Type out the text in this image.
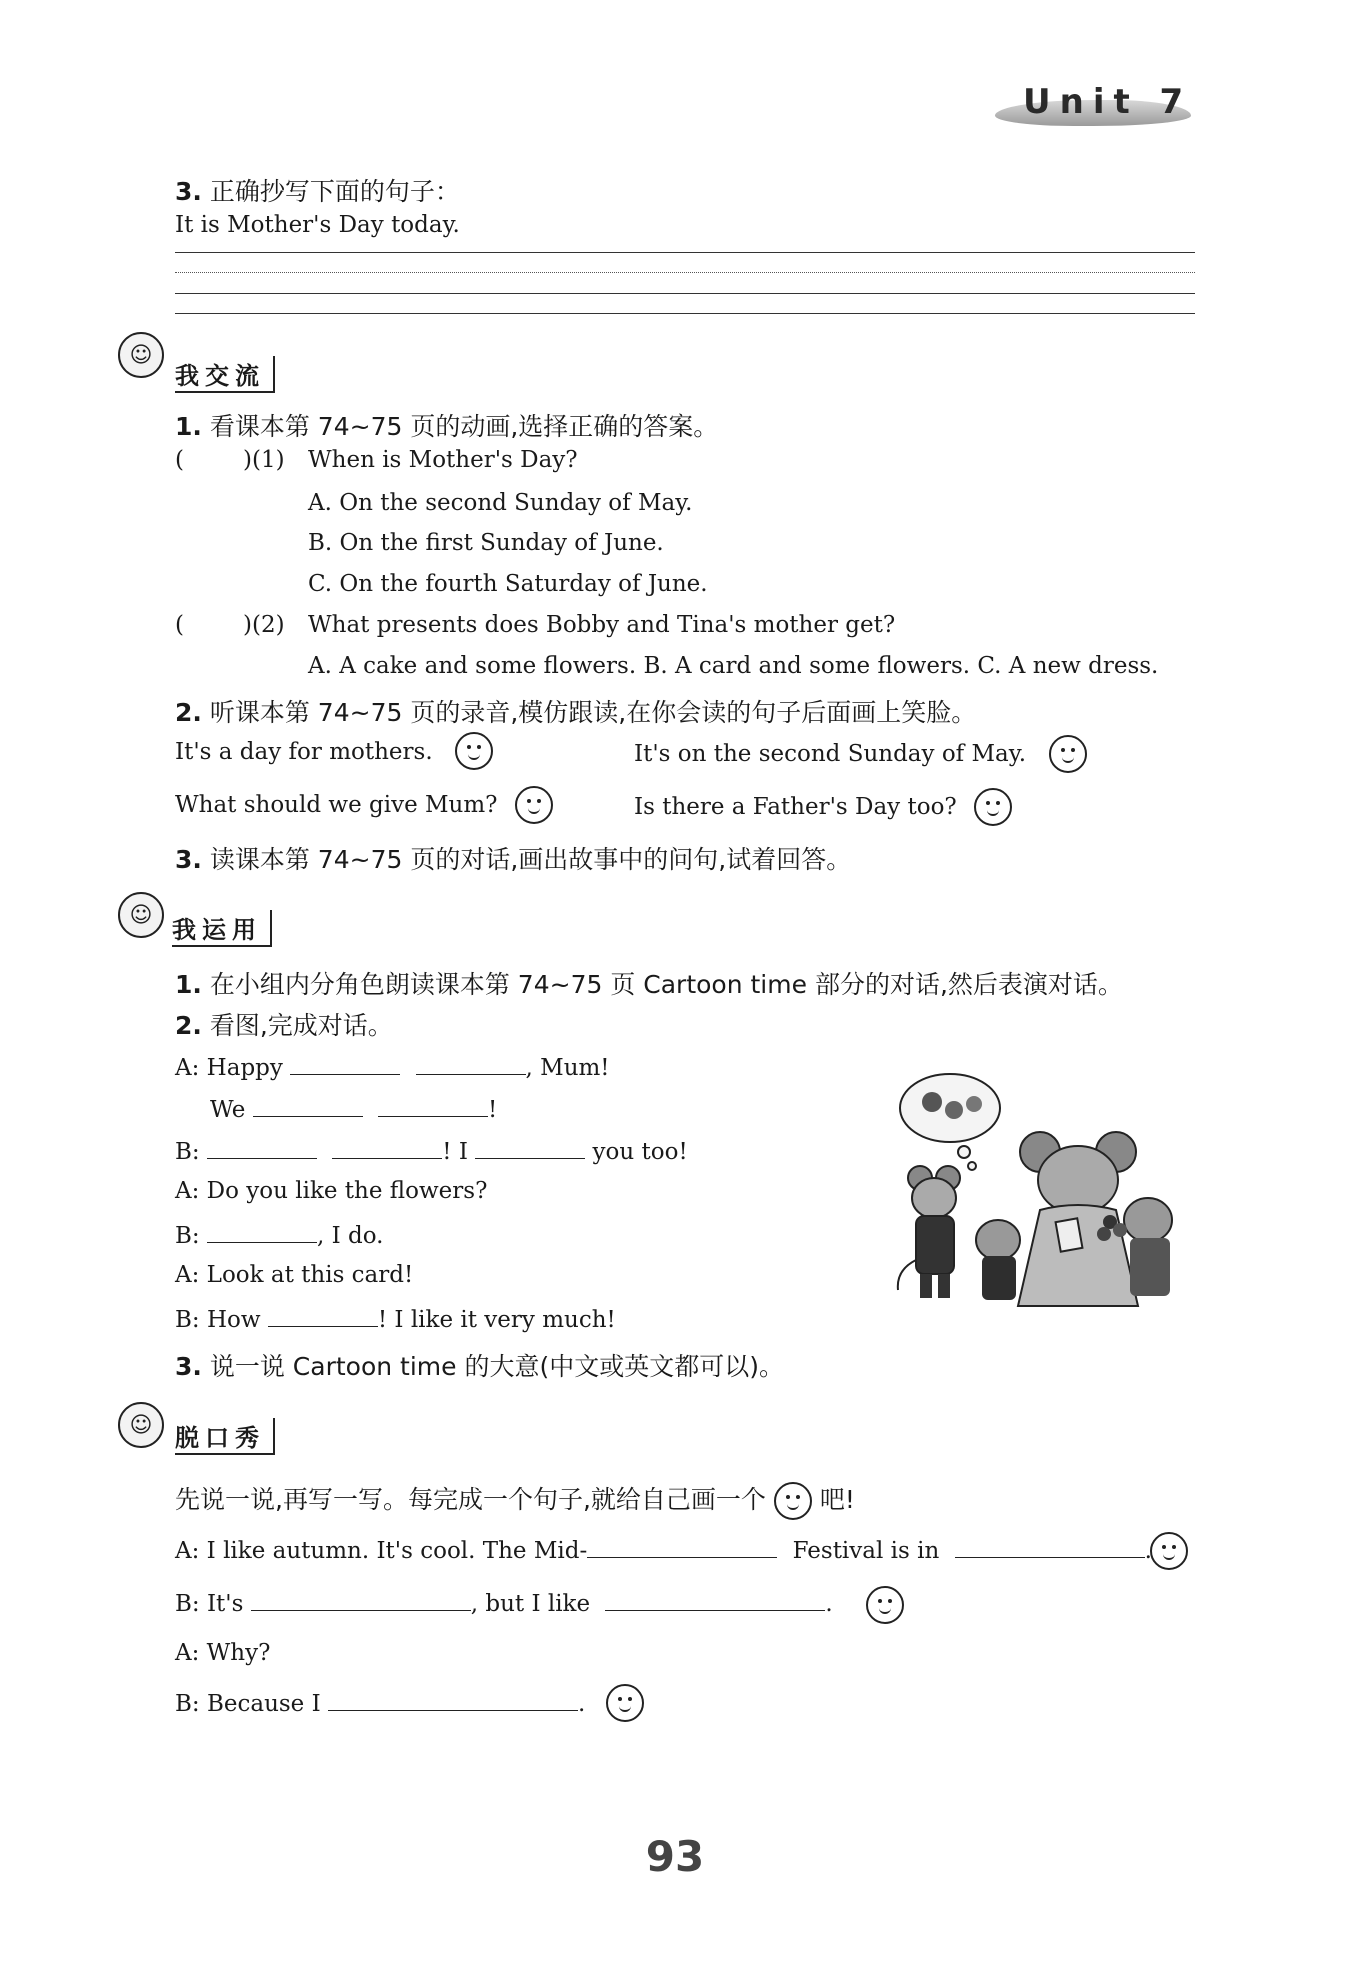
Unit 7
3. 正确抄写下面的句子：
It is Mother's Day today.
☺
我交流
1. 看课本第 74~75 页的动画,选择正确的答案。
(	)(1) When is Mother's Day?
A. On the second Sunday of May.
B. On the first Sunday of June.
C. On the fourth Saturday of June.
(	)(2) What presents does Bobby and Tina's mother get?
A. A cake and some flowers. B. A card and some flowers. C. A new dress.
2. 听课本第 74~75 页的录音,模仿跟读,在你会读的句子后面画上笑脸。
It's a day for mothers.	It's on the second Sunday of May.
What should we give Mum?	Is there a Father's Day too?
3. 读课本第 74~75 页的对话,画出故事中的问句,试着回答。
☺
我运用
1. 在小组内分角色朗读课本第 74~75 页 Cartoon time 部分的对话,然后表演对话。
2. 看图,完成对话。
A: Happy	, Mum!
We	!
B:	! I	you too!
A: Do you like the flowers?
B:	, I do.
A: Look at this card!
B: How	! I like it very much!
3. 说一说 Cartoon time 的大意(中文或英文都可以)。
☺ 脱口秀
先说一说,再写一写。每完成一个句子,就给自己画一个 吧!
A: I like autumn. It's cool. The Mid-	Festival is in	.
B: It's	, but I like	.
A: Why?
B: Because I	.
93
